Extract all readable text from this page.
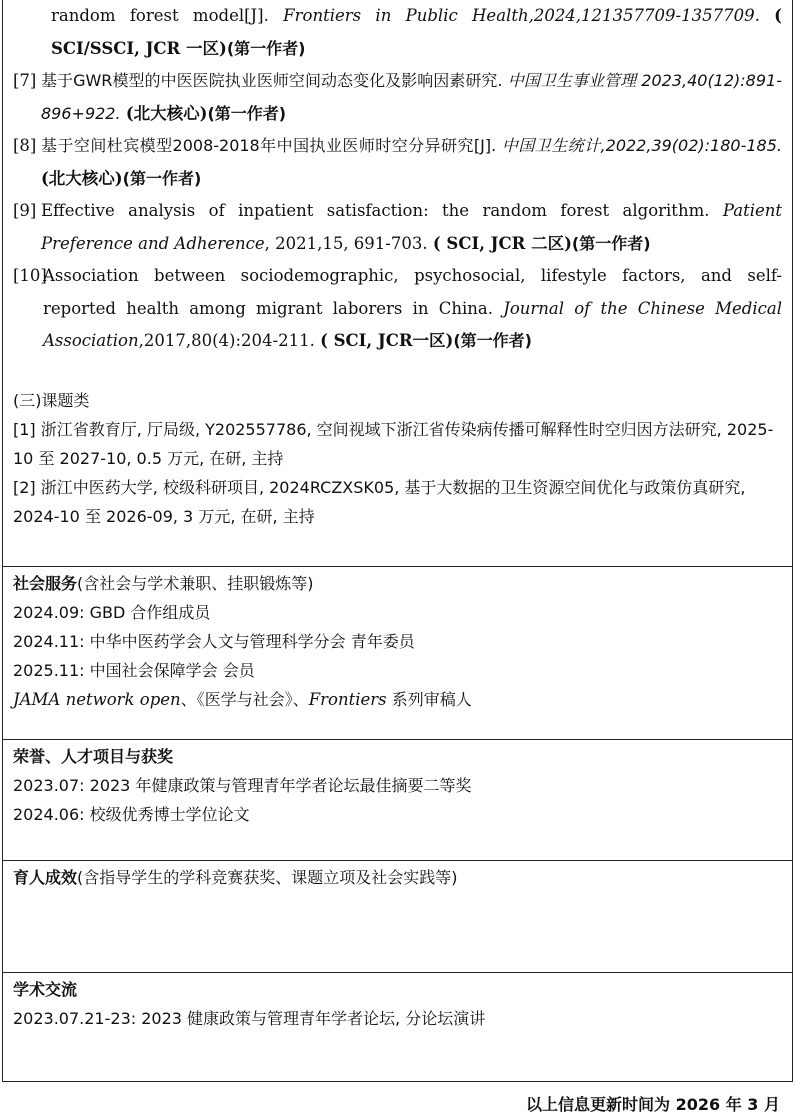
random forest model[J]. Frontiers in Public Health,2024,121357709-1357709. ( SCI/SSCI, JCR 一区)(第一作者)
[7] 基于GWR模型的中医医院执业医师空间动态变化及影响因素研究. 中国卫生事业管理 2023,40(12):891-896+922. (北大核心)(第一作者)
[8] 基于空间杜宾模型2008-2018年中国执业医师时空分异研究[J]. 中国卫生统计,2022,39(02):180-185. (北大核心)(第一作者)
[9] Effective analysis of inpatient satisfaction: the random forest algorithm. Patient Preference and Adherence, 2021,15, 691-703. ( SCI, JCR 二区)(第一作者)
[10]
Association between sociodemographic, psychosocial, lifestyle factors, and self-reported health among migrant laborers in China. Journal of the Chinese Medical Association,2017,80(4):204-211. ( SCI, JCR一区)(第一作者)
(三)课题类
[1] 浙江省教育厅, 厅局级, Y202557786, 空间视域下浙江省传染病传播可解释性时空归因方法研究, 2025-10 至 2027-10, 0.5 万元, 在研, 主持
[2] 浙江中医药大学, 校级科研项目, 2024RCZXSK05, 基于大数据的卫生资源空间优化与政策仿真研究, 2024-10 至 2026-09, 3 万元, 在研, 主持
社会服务(含社会与学术兼职、挂职锻炼等)
2024.09: GBD 合作组成员
2024.11: 中华中医药学会人文与管理科学分会 青年委员
2025.11: 中国社会保障学会 会员
JAMA network open、《医学与社会》、Frontiers 系列审稿人
荣誉、人才项目与获奖
2023.07: 2023 年健康政策与管理青年学者论坛最佳摘要二等奖
2024.06: 校级优秀博士学位论文
育人成效(含指导学生的学科竞赛获奖、课题立项及社会实践等)
学术交流
2023.07.21-23: 2023 健康政策与管理青年学者论坛, 分论坛演讲
以上信息更新时间为 2026 年 3 月
